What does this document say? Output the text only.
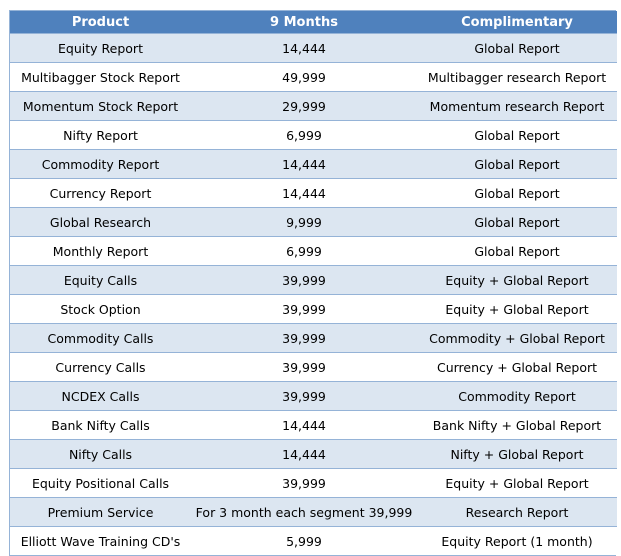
Product	9 Months	Complimentary
Equity Report	14,444	Global Report
Multibagger Stock Report	49,999	Multibagger research Report
Momentum Stock Report	29,999	Momentum research Report
Nifty Report	6,999	Global Report
Commodity Report	14,444	Global Report
Currency Report	14,444	Global Report
Global Research	9,999	Global Report
Monthly Report	6,999	Global Report
Equity Calls	39,999	Equity + Global Report
Stock Option	39,999	Equity + Global Report
Commodity Calls	39,999	Commodity + Global Report
Currency Calls	39,999	Currency + Global Report
NCDEX Calls	39,999	Commodity Report
Bank Nifty Calls	14,444	Bank Nifty + Global Report
Nifty Calls	14,444	Nifty + Global Report
Equity Positional Calls	39,999	Equity + Global Report
Premium Service	For 3 month each segment 39,999	Research Report
Elliott Wave Training CD's	5,999	Equity Report (1 month)
